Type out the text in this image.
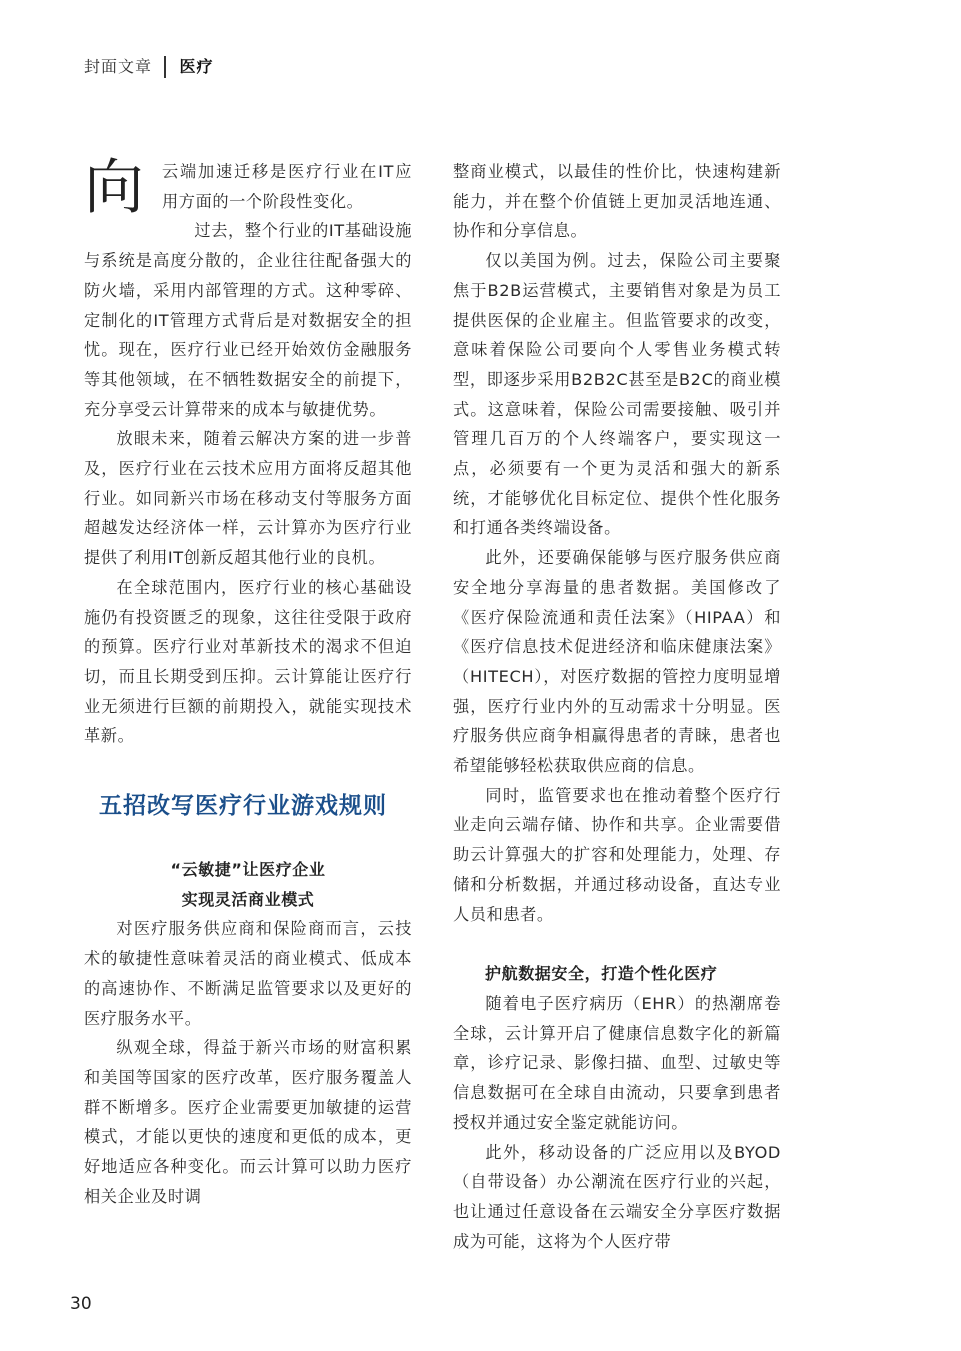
封面文章 医疗
向	云端加速迁移是医疗行业在IT应用方面的一个阶段性变化。

过去，整个行业的IT基础设施与系统是高度分散的，企业往往配备强大的防火墙，采用内部管理的方式。这种零碎、定制化的IT管理方式背后是对数据安全的担忧。现在，医疗行业已经开始效仿金融服务等其他领域，在不牺牲数据安全的前提下，充分享受云计算带来的成本与敏捷优势。

放眼未来，随着云解决方案的进一步普及，医疗行业在云技术应用方面将反超其他行业。如同新兴市场在移动支付等服务方面超越发达经济体一样，云计算亦为医疗行业提供了利用IT创新反超其他行业的良机。

在全球范围内，医疗行业的核心基础设施仍有投资匮乏的现象，这往往受限于政府的预算。医疗行业对革新技术的渴求不但迫切，而且长期受到压抑。云计算能让医疗行业无须进行巨额的前期投入，就能实现技术革新。

五招改写医疗行业游戏规则

“云敏捷”让医疗企业

实现灵活商业模式

对医疗服务供应商和保险商而言，云技术的敏捷性意味着灵活的商业模式、低成本的高速协作、不断满足监管要求以及更好的医疗服务水平。

纵观全球，得益于新兴市场的财富积累和美国等国家的医疗改革，医疗服务覆盖人群不断增多。医疗企业需要更加敏捷的运营模式，才能以更快的速度和更低的成本，更好地适应各种变化。而云计算可以助力医疗相关企业及时调

整商业模式，以最佳的性价比，快速构建新能力，并在整个价值链上更加灵活地连通、协作和分享信息。

仅以美国为例。过去，保险公司主要聚焦于B2B运营模式，主要销售对象是为员工提供医保的企业雇主。但监管要求的改变，意味着保险公司要向个人零售业务模式转型，即逐步采用B2B2C甚至是B2C的商业模式。这意味着，保险公司需要接触、吸引并管理几百万的个人终端客户，要实现这一点，必须要有一个更为灵活和强大的新系统，才能够优化目标定位、提供个性化服务和打通各类终端设备。

此外，还要确保能够与医疗服务供应商安全地分享海量的患者数据。美国修改了《医疗保险流通和责任法案》（HIPAA）和《医疗信息技术促进经济和临床健康法案》（HITECH），对医疗数据的管控力度明显增强，医疗行业内外的互动需求十分明显。医疗服务供应商争相赢得患者的青睐，患者也希望能够轻松获取供应商的信息。

同时，监管要求也在推动着整个医疗行业走向云端存储、协作和共享。企业需要借助云计算强大的扩容和处理能力，处理、存储和分析数据，并通过移动设备，直达专业人员和患者。

护航数据安全，打造个性化医疗

随着电子医疗病历（EHR）的热潮席卷全球，云计算开启了健康信息数字化的新篇章，诊疗记录、影像扫描、血型、过敏史等信息数据可在全球自由流动，只要拿到患者授权并通过安全鉴定就能访问。

此外，移动设备的广泛应用以及BYOD（自带设备）办公潮流在医疗行业的兴起，也让通过任意设备在云端安全分享医疗数据成为可能，这将为个人医疗带

30
